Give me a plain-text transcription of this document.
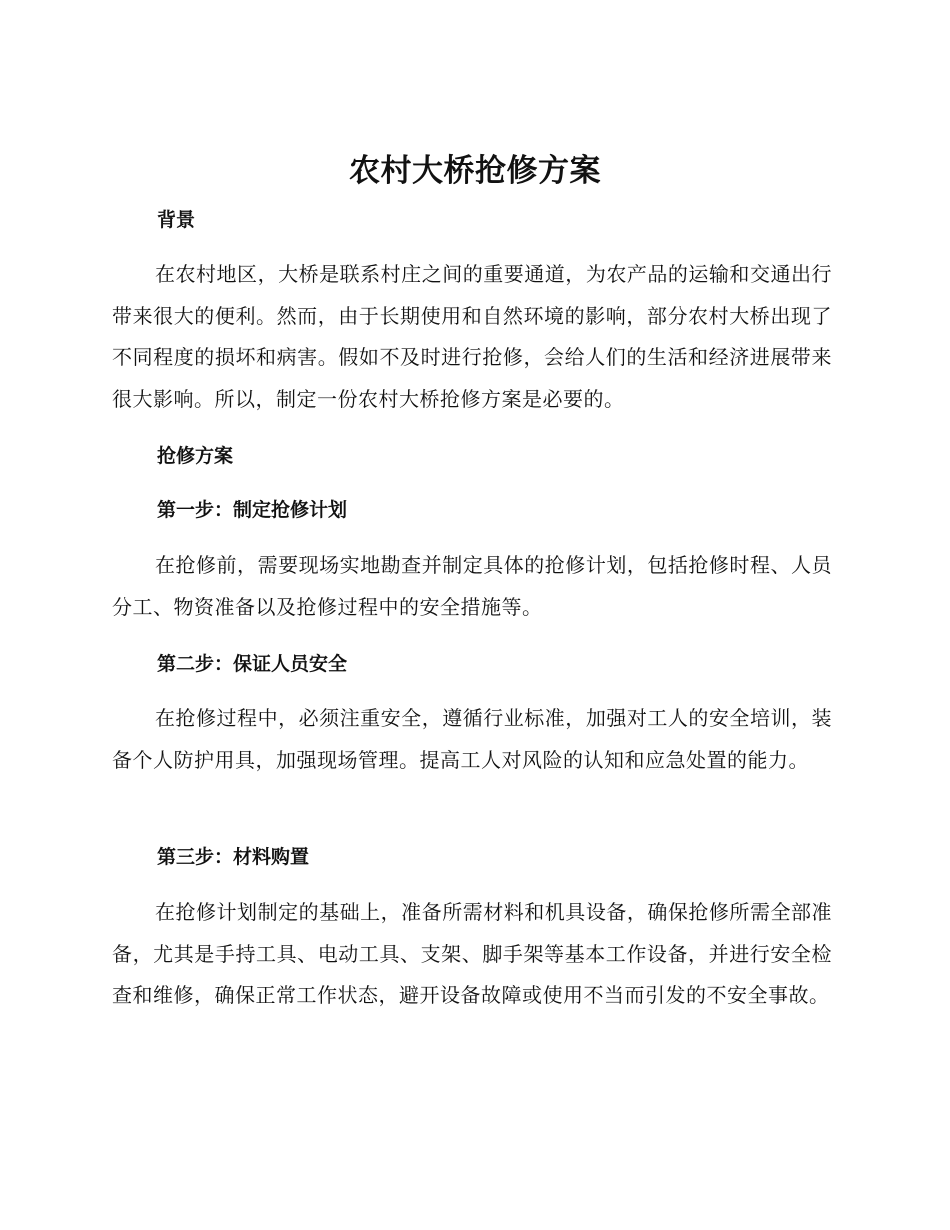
农村大桥抢修方案
背景

在农村地区，大桥是联系村庄之间的重要通道，为农产品的运输和交通出行带来很大的便利。然而，由于长期使用和自然环境的影响，部分农村大桥出现了不同程度的损坏和病害。假如不及时进行抢修，会给人们的生活和经济进展带来很大影响。所以，制定一份农村大桥抢修方案是必要的。

抢修方案
第一步：制定抢修计划

在抢修前，需要现场实地勘查并制定具体的抢修计划，包括抢修时程、人员分工、物资准备以及抢修过程中的安全措施等。

第二步：保证人员安全

在抢修过程中，必须注重安全，遵循行业标准，加强对工人的安全培训，装备个人防护用具，加强现场管理。提高工人对风险的认知和应急处置的能力。

第三步：材料购置

在抢修计划制定的基础上，准备所需材料和机具设备，确保抢修所需全部准备，尤其是手持工具、电动工具、支架、脚手架等基本工作设备，并进行安全检查和维修，确保正常工作状态，避开设备故障或使用不当而引发的不安全事故。
